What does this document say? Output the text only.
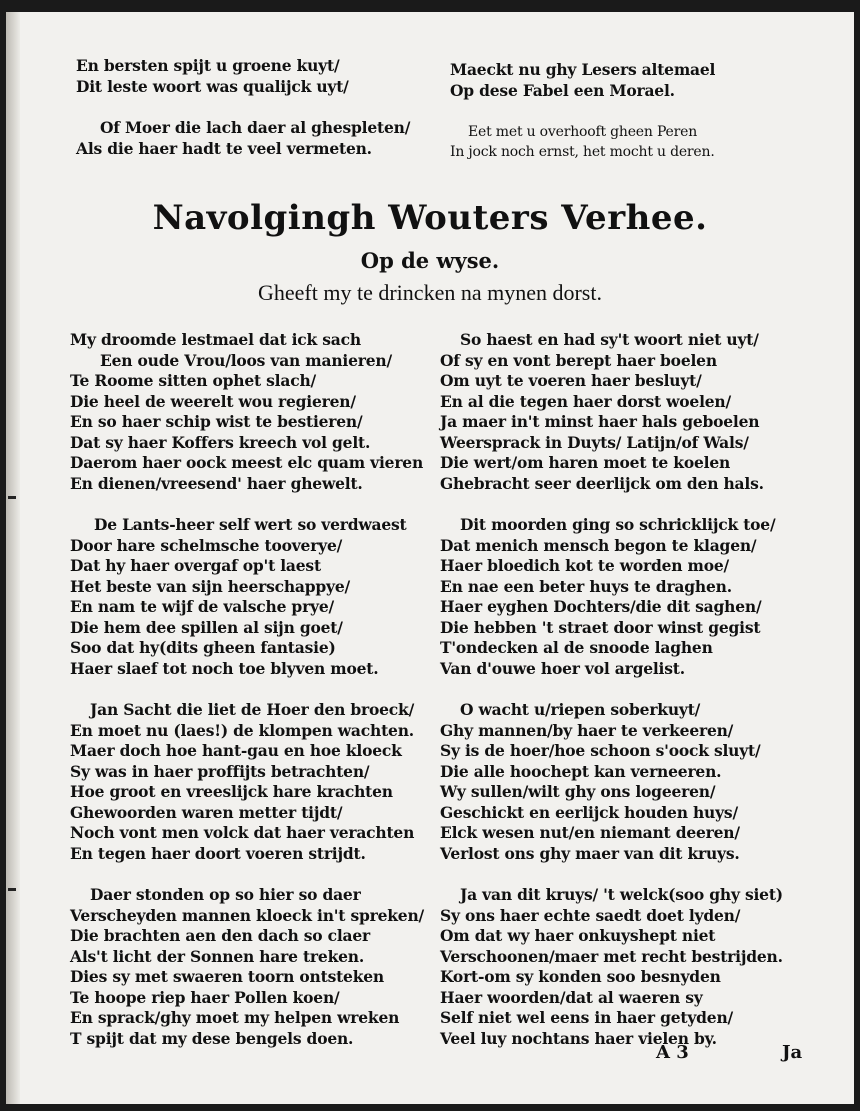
En bersten spijt u groene kuyt/
Dit leste woort was qualijck uyt/
Of Moer die lach daer al ghespleten/
Als die haer hadt te veel vermeten.
Maeckt nu ghy Lesers altemael
Op dese Fabel een Morael.
Eet met u overhooft gheen Peren
In jock noch ernst, het mocht u deren.
Navolgingh Wouters Verhee.
Op de wyse.
Gheeft my te drincken na mynen dorst.
My droomde lestmael dat ick sach
Een oude Vrou/loos van manieren/
Te Roome sitten ophet slach/
Die heel de weerelt wou regieren/
En so haer schip wist te bestieren/
Dat sy haer Koffers kreech vol gelt.
Daerom haer oock meest elc quam vieren
En dienen/vreesend' haer ghewelt.
De Lants-heer self wert so verdwaest
Door hare schelmsche tooverye/
Dat hy haer overgaf op't laest
Het beste van sijn heerschappye/
En nam te wijf de valsche prye/
Die hem dee spillen al sijn goet/
Soo dat hy(dits gheen fantasie)
Haer slaef tot noch toe blyven moet.
Jan Sacht die liet de Hoer den broeck/
En moet nu (laes!) de klompen wachten.
Maer doch hoe hant-gau en hoe kloeck
Sy was in haer proffijts betrachten/
Hoe groot en vreeslijck hare krachten
Ghewoorden waren metter tijdt/
Noch vont men volck dat haer verachten
En tegen haer doort voeren strijdt.
Daer stonden op so hier so daer
Verscheyden mannen kloeck in't spreken/
Die brachten aen den dach so claer
Als't licht der Sonnen hare treken.
Dies sy met swaeren toorn ontsteken
Te hoope riep haer Pollen koen/
En sprack/ghy moet my helpen wreken
T spijt dat my dese bengels doen.
So haest en had sy't woort niet uyt/
Of sy en vont berept haer boelen
Om uyt te voeren haer besluyt/
En al die tegen haer dorst woelen/
Ja maer in't minst haer hals geboelen
Weersprack in Duyts/ Latijn/of Wals/
Die wert/om haren moet te koelen
Ghebracht seer deerlijck om den hals.
Dit moorden ging so schricklijck toe/
Dat menich mensch begon te klagen/
Haer bloedich kot te worden moe/
En nae een beter huys te draghen.
Haer eyghen Dochters/die dit saghen/
Die hebben 't straet door winst gegist
T'ondecken al de snoode laghen
Van d'ouwe hoer vol argelist.
O wacht u/riepen soberkuyt/
Ghy mannen/by haer te verkeeren/
Sy is de hoer/hoe schoon s'oock sluyt/
Die alle hoochept kan verneeren.
Wy sullen/wilt ghy ons logeeren/
Geschickt en eerlijck houden huys/
Elck wesen nut/en niemant deeren/
Verlost ons ghy maer van dit kruys.
Ja van dit kruys/ 't welck(soo ghy siet)
Sy ons haer echte saedt doet lyden/
Om dat wy haer onkuyshept niet
Verschoonen/maer met recht bestrijden.
Kort-om sy konden soo besnyden
Haer woorden/dat al waeren sy
Self niet wel eens in haer getyden/
Veel luy nochtans haer vielen by.
A 3	Ja
